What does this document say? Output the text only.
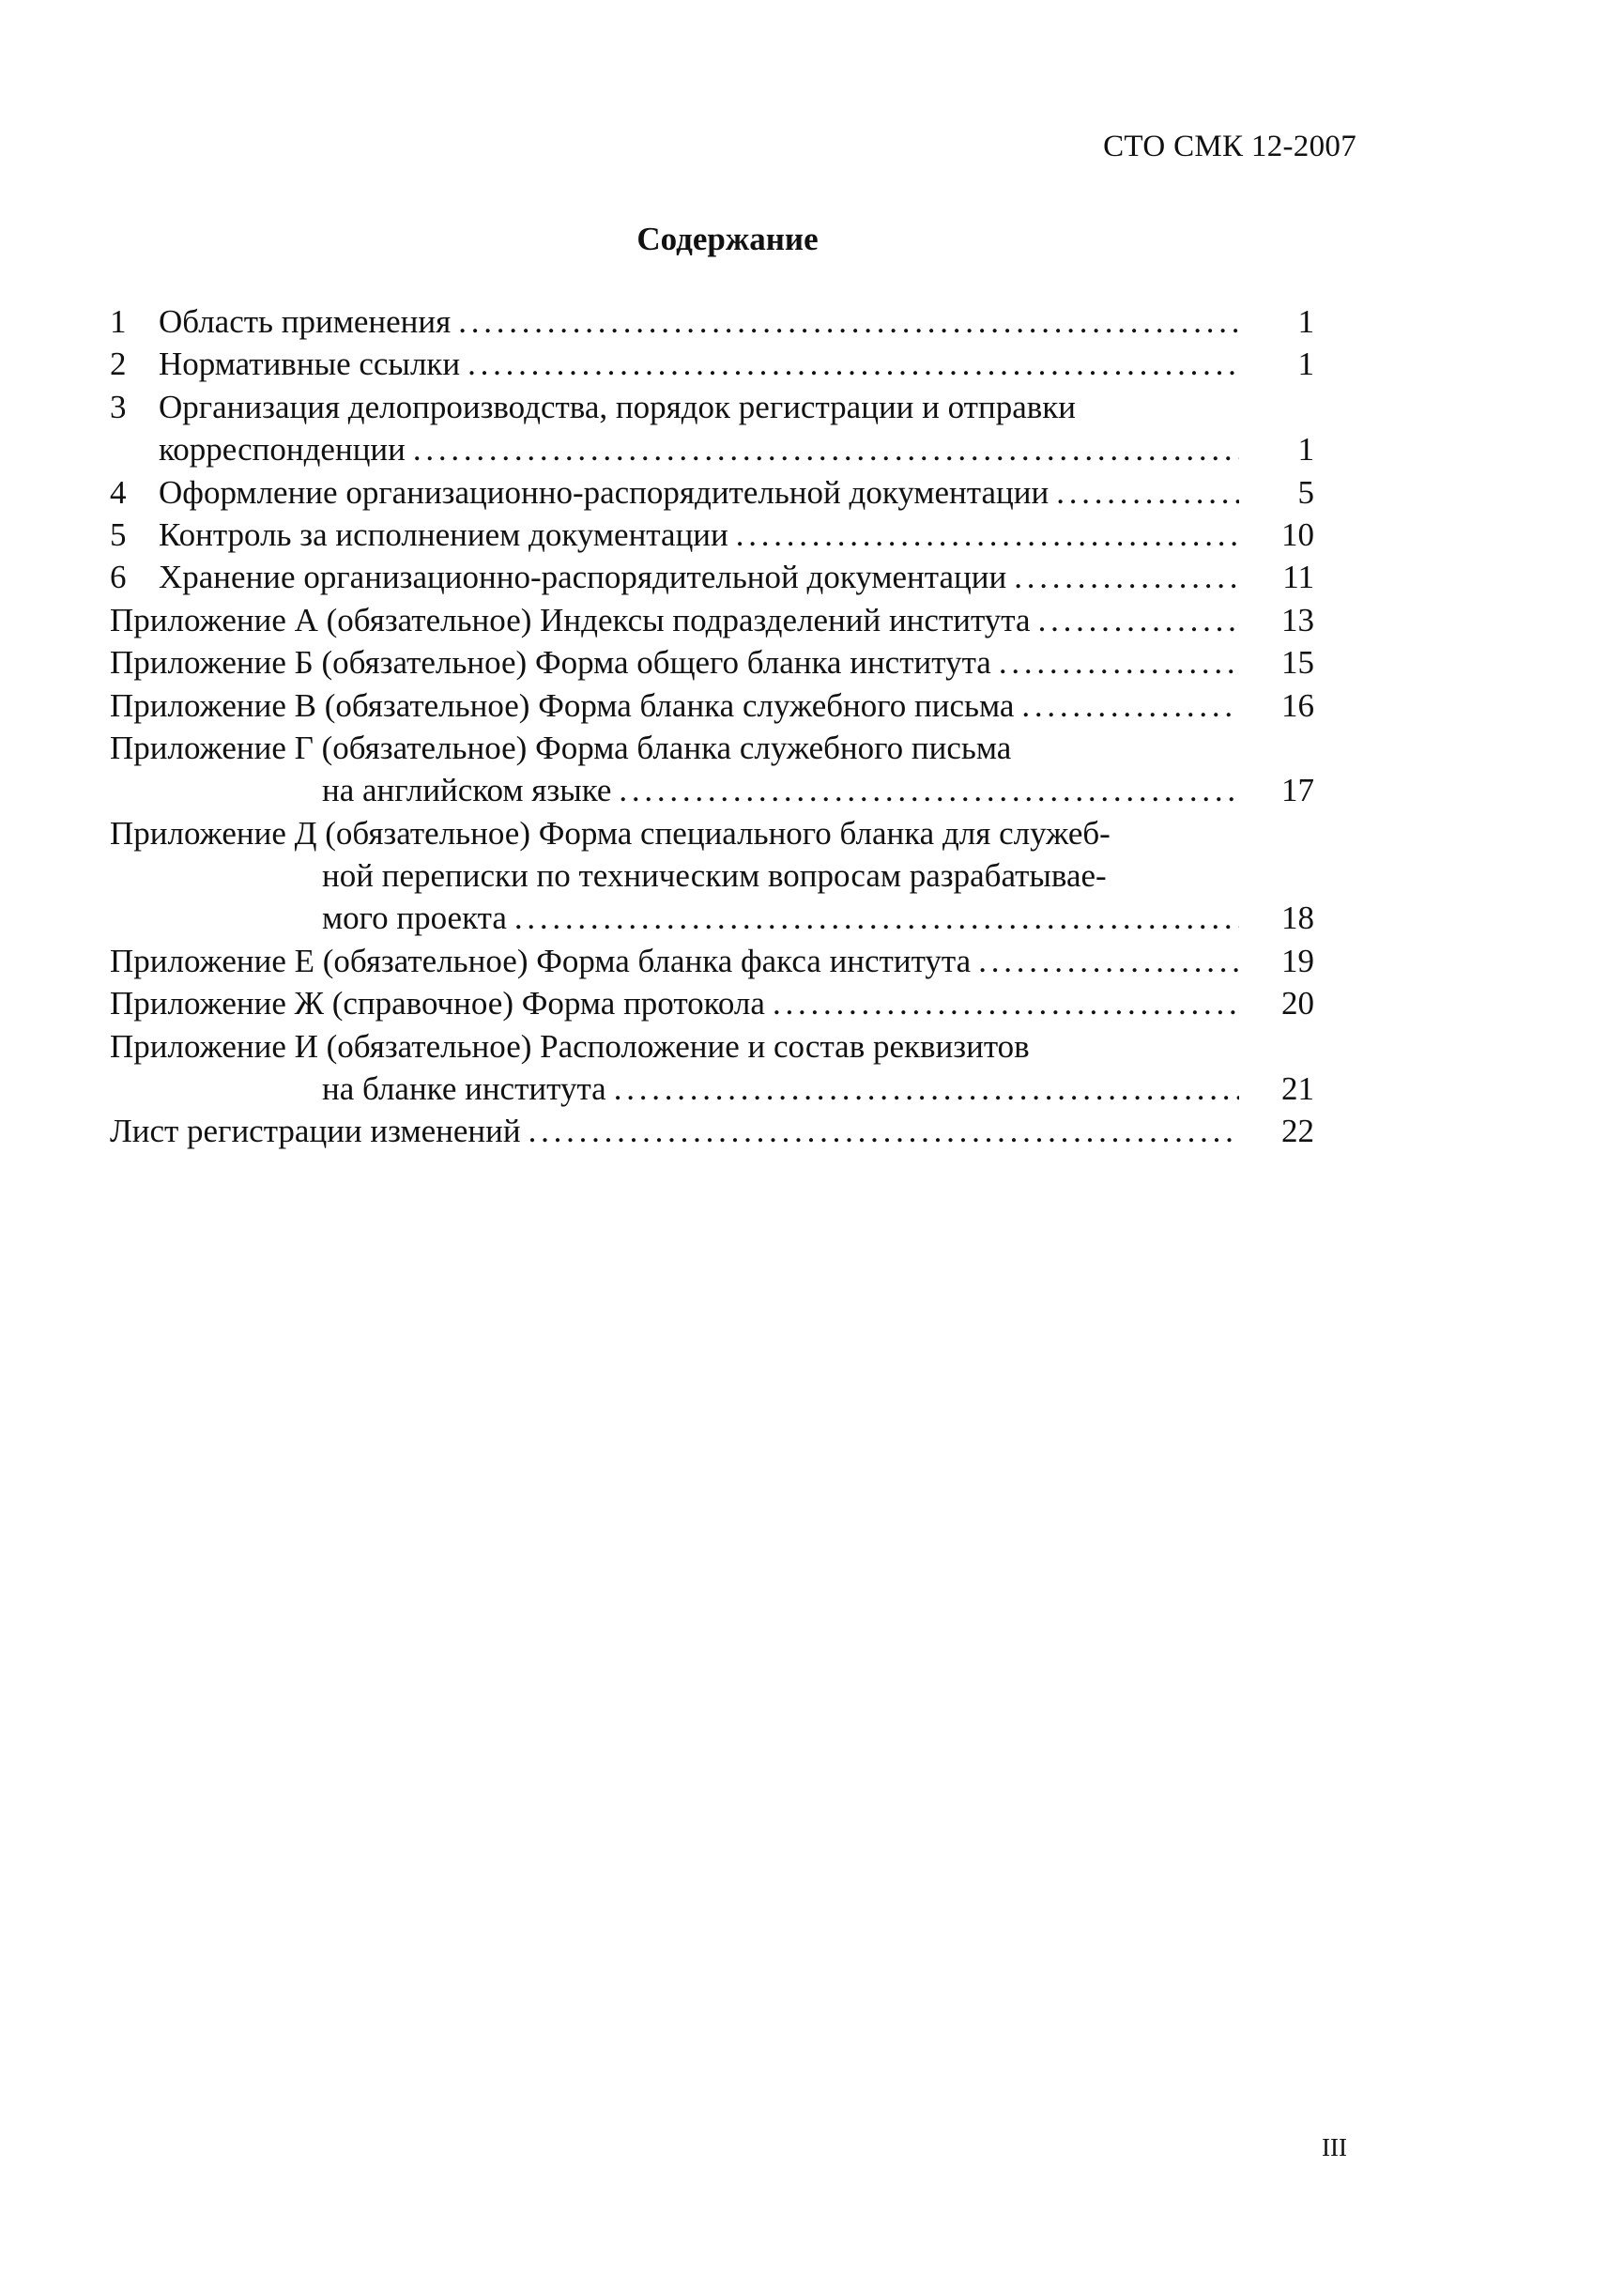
СТО СМК 12-2007
Содержание
1 Область применения . . .	1
2 Нормативные ссылки . . .	1
3 Организация делопроизводства, порядок регистрации и отправки
корреспонденции . . .	1
4 Оформление организационно-распорядительной документации . . .	5
5 Контроль за исполнением документации . . .	10
6 Хранение организационно-распорядительной документации . . .	11
Приложение А (обязательное) Индексы подразделений института . . .	13
Приложение Б (обязательное) Форма общего бланка института . . .	15
Приложение В (обязательное) Форма бланка служебного письма . . .	16
Приложение Г (обязательное) Форма бланка служебного письма
на английском языке . . .	17
Приложение Д (обязательное) Форма специального бланка для служеб-
ной переписки по техническим вопросам разрабатывае-
мого проекта . . .	18
Приложение Е (обязательное) Форма бланка факса института . . .	19
Приложение Ж (справочное) Форма протокола . . .	20
Приложение И (обязательное) Расположение и состав реквизитов
на бланке института . . .	21
Лист регистрации изменений . . .	22
III
